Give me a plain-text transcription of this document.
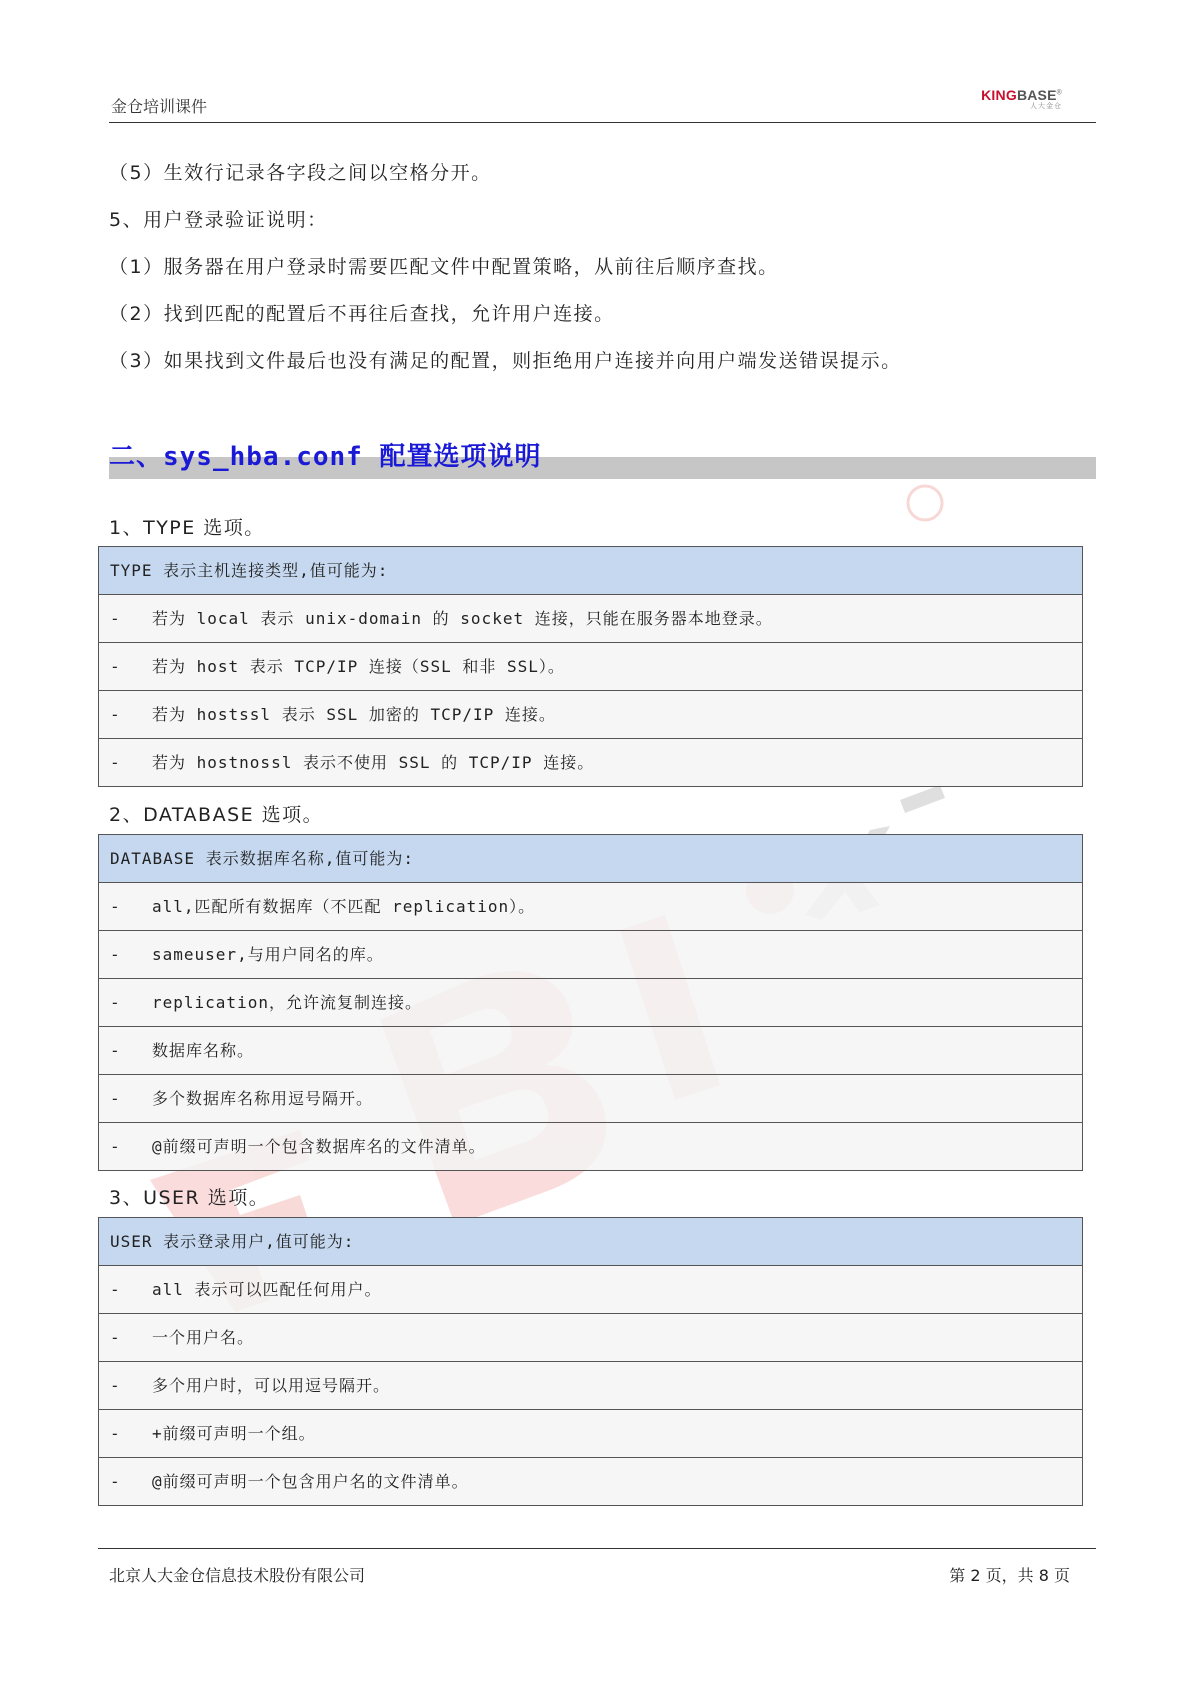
金仓培训课件
KINGBASE®
人大金仓
（5）生效行记录各字段之间以空格分开。
5、用户登录验证说明：
（1）服务器在用户登录时需要匹配文件中配置策略，从前往后顺序查找。
（2）找到匹配的配置后不再往后查找，允许用户连接。
（3）如果找到文件最后也没有满足的配置，则拒绝用户连接并向用户端发送错误提示。
二、sys_hba.conf 配置选项说明
1、TYPE 选项。
TYPE 表示主机连接类型,值可能为:
- 若为 local 表示 unix-domain 的 socket 连接，只能在服务器本地登录。
- 若为 host 表示 TCP/IP 连接（SSL 和非 SSL）。
- 若为 hostssl 表示 SSL 加密的 TCP/IP 连接。
- 若为 hostnossl 表示不使用 SSL 的 TCP/IP 连接。
2、DATABASE 选项。
DATABASE 表示数据库名称,值可能为:
- all,匹配所有数据库（不匹配 replication）。
- sameuser,与用户同名的库。
- replication，允许流复制连接。
- 数据库名称。
- 多个数据库名称用逗号隔开。
- @前缀可声明一个包含数据库名的文件清单。
3、USER 选项。
USER 表示登录用户,值可能为:
- all 表示可以匹配任何用户。
- 一个用户名。
- 多个用户时，可以用逗号隔开。
- +前缀可声明一个组。
- @前缀可声明一个包含用户名的文件清单。
北京人大金仓信息技术股份有限公司	第 2 页，共 8 页
